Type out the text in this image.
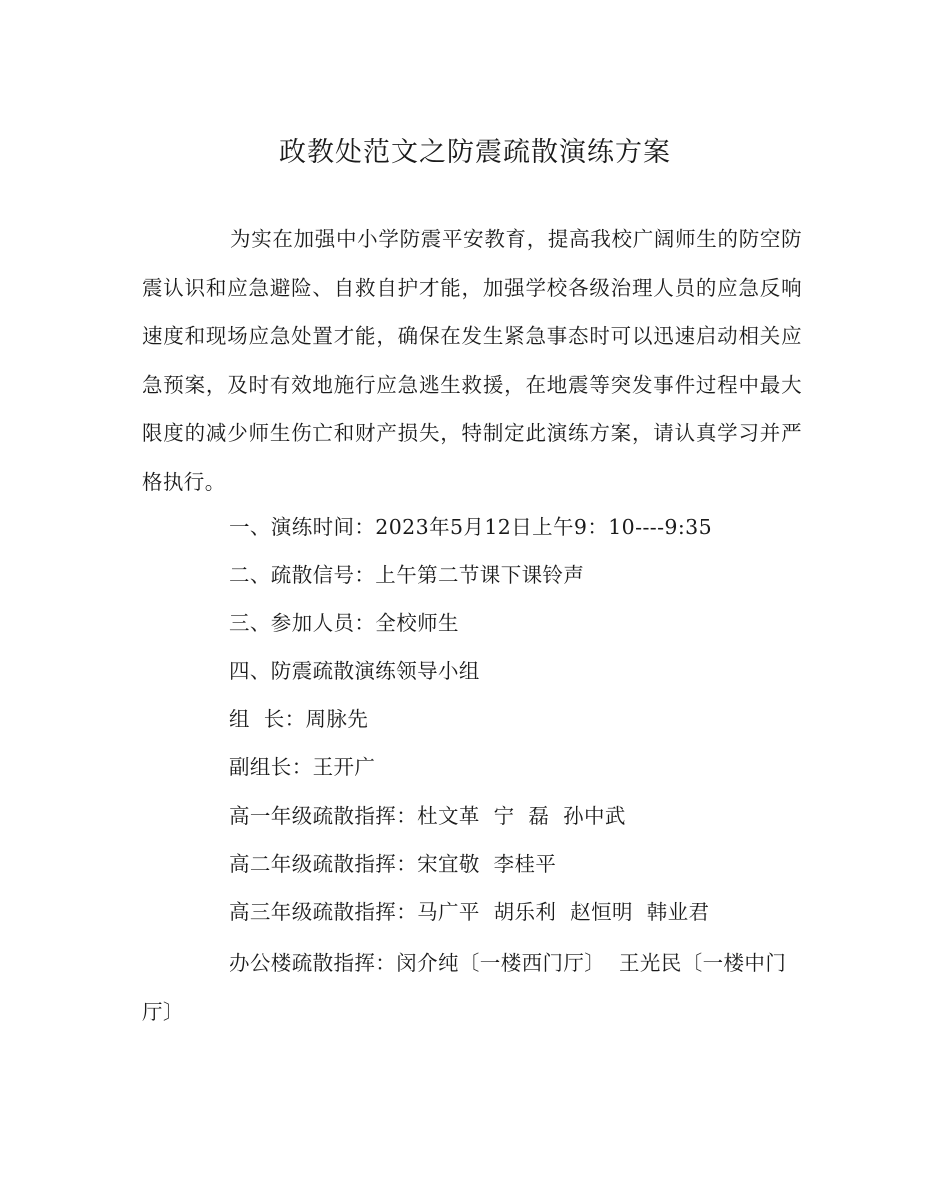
政教处范文之防震疏散演练方案

为实在加强中小学防震平安教育，提高我校广阔师生的防空防震认识和应急避险、自救自护才能，加强学校各级治理人员的应急反响速度和现场应急处置才能，确保在发生紧急事态时可以迅速启动相关应急预案，及时有效地施行应急逃生救援，在地震等突发事件过程中最大限度的减少师生伤亡和财产损失，特制定此演练方案，请认真学习并严格执行。

一、演练时间：2023年5月12日上午9：10----9:35

二、疏散信号：上午第二节课下课铃声

三、参加人员：全校师生

四、防震疏散演练领导小组

组  长：周脉先

副组长：王开广

高一年级疏散指挥：杜文革  宁  磊  孙中武

高二年级疏散指挥：宋宜敬  李桂平

高三年级疏散指挥：马广平  胡乐利  赵恒明  韩业君

办公楼疏散指挥：闵介纯〔一楼西门厅〕  王光民〔一楼中门厅〕
